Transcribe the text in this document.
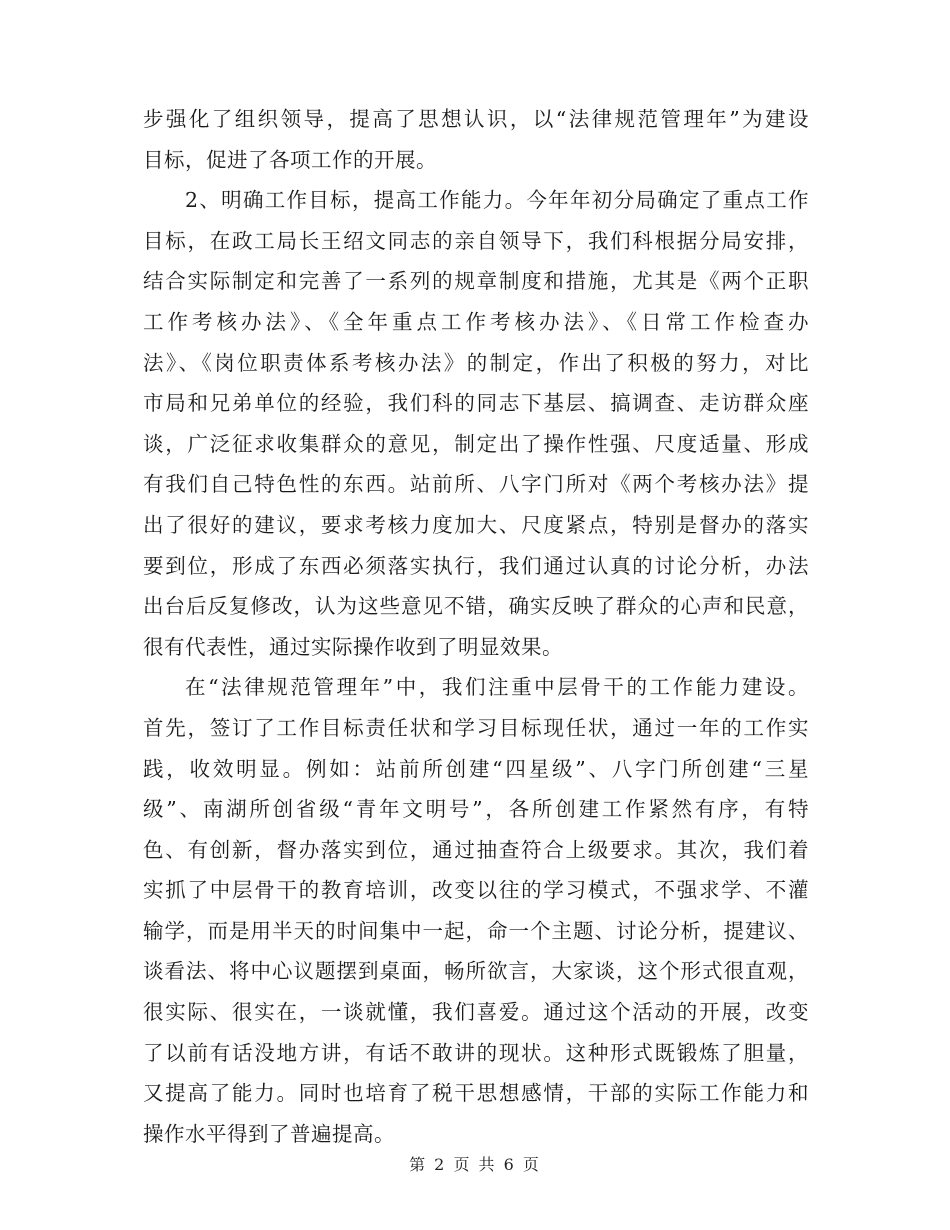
步强化了组织领导，提高了思想认识，以“法律规范管理年”为建设
目标，促进了各项工作的开展。
2、明确工作目标，提高工作能力。今年年初分局确定了重点工作
目标，在政工局长王绍文同志的亲自领导下，我们科根据分局安排，
结合实际制定和完善了一系列的规章制度和措施，尤其是《两个正职
工作考核办法》、《全年重点工作考核办法》、《日常工作检查办
法》、《岗位职责体系考核办法》的制定，作出了积极的努力，对比
市局和兄弟单位的经验，我们科的同志下基层、搞调查、走访群众座
谈，广泛征求收集群众的意见，制定出了操作性强、尺度适量、形成
有我们自己特色性的东西。站前所、八字门所对《两个考核办法》提
出了很好的建议，要求考核力度加大、尺度紧点，特别是督办的落实
要到位，形成了东西必须落实执行，我们通过认真的讨论分析，办法
出台后反复修改，认为这些意见不错，确实反映了群众的心声和民意，
很有代表性，通过实际操作收到了明显效果。
在“法律规范管理年”中，我们注重中层骨干的工作能力建设。
首先，签订了工作目标责任状和学习目标现任状，通过一年的工作实
践，收效明显。例如：站前所创建“四星级”、八字门所创建“三星
级”、南湖所创省级“青年文明号”，各所创建工作紧然有序，有特
色、有创新，督办落实到位，通过抽查符合上级要求。其次，我们着
实抓了中层骨干的教育培训，改变以往的学习模式，不强求学、不灌
输学，而是用半天的时间集中一起，命一个主题、讨论分析，提建议、
谈看法、将中心议题摆到桌面，畅所欲言，大家谈，这个形式很直观，
很实际、很实在，一谈就懂，我们喜爱。通过这个活动的开展，改变
了以前有话没地方讲，有话不敢讲的现状。这种形式既锻炼了胆量，
又提高了能力。同时也培育了税干思想感情，干部的实际工作能力和
操作水平得到了普遍提高。
第 2 页 共 6 页
